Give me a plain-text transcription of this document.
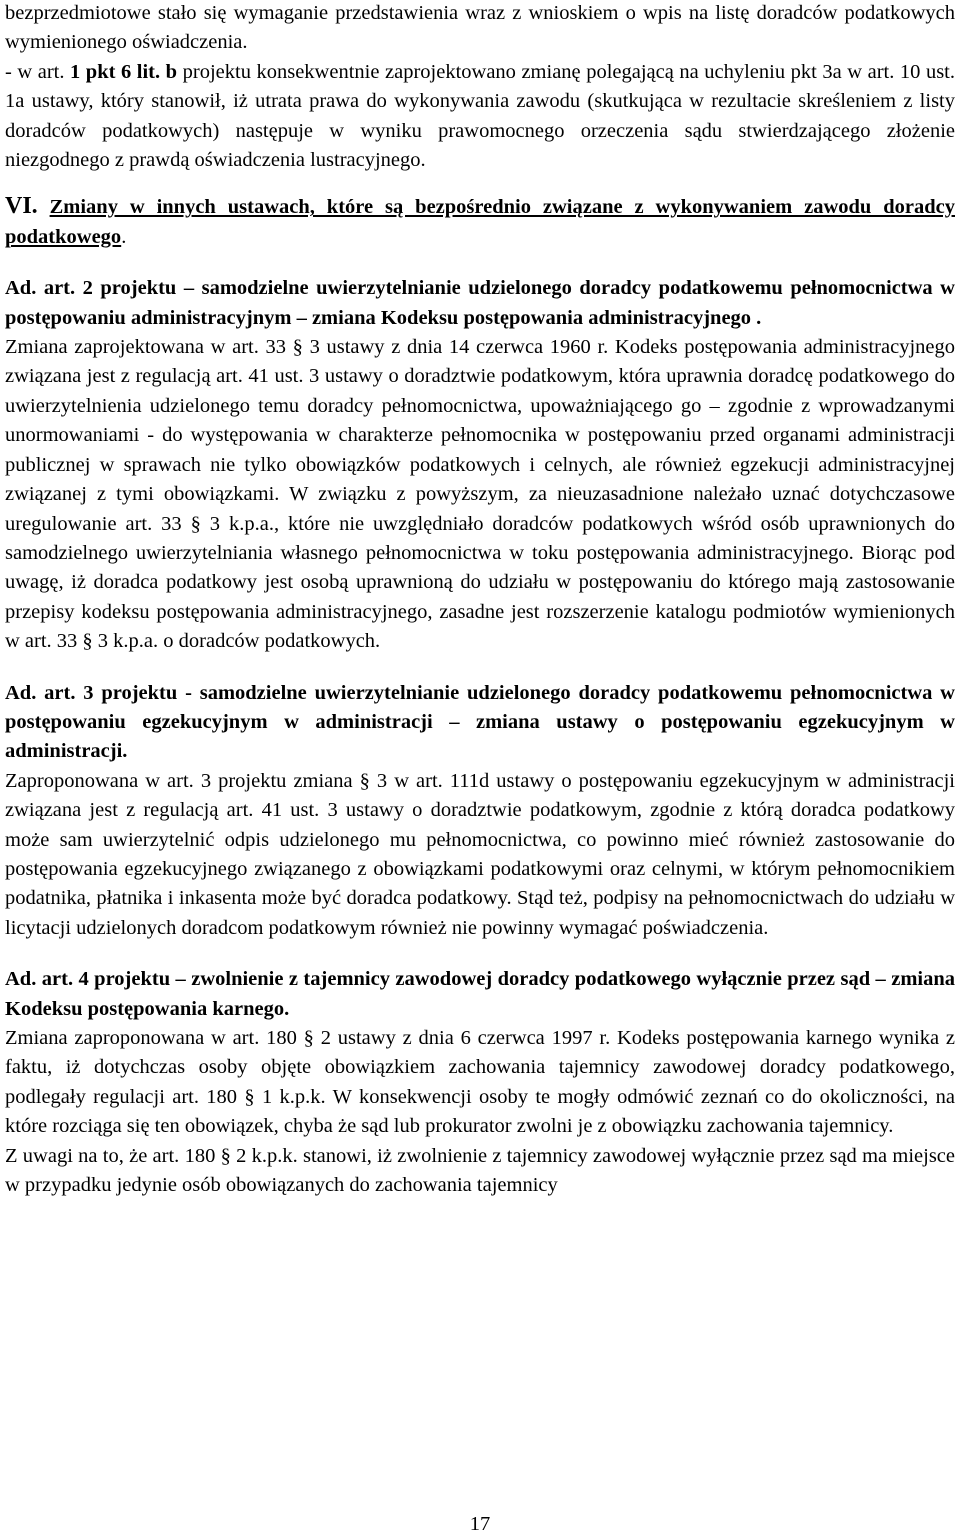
bezprzedmiotowe stało się wymaganie przedstawienia wraz z wnioskiem o wpis na listę doradców podatkowych wymienionego oświadczenia.

- w art. 1 pkt 6 lit. b projektu konsekwentnie zaprojektowano zmianę polegającą na uchyleniu pkt 3a w art. 10 ust. 1a ustawy, który stanowił, iż utrata prawa do wykonywania zawodu (skutkująca w rezultacie skreśleniem z listy doradców podatkowych) następuje w wyniku prawomocnego orzeczenia sądu stwierdzającego złożenie niezgodnego z prawdą oświadczenia lustracyjnego.

VI. Zmiany w innych ustawach, które są bezpośrednio związane z wykonywaniem zawodu doradcy podatkowego.

Ad. art. 2 projektu – samodzielne uwierzytelnianie udzielonego doradcy podatkowemu pełnomocnictwa w postępowaniu administracyjnym – zmiana Kodeksu postępowania administracyjnego .

Zmiana zaprojektowana w art. 33 § 3 ustawy z dnia 14 czerwca 1960 r. Kodeks postępowania administracyjnego związana jest z regulacją art. 41 ust. 3 ustawy o doradztwie podatkowym, która uprawnia doradcę podatkowego do uwierzytelnienia udzielonego temu doradcy pełnomocnictwa, upoważniającego go – zgodnie z wprowadzanymi unormowaniami - do występowania w charakterze pełnomocnika w postępowaniu przed organami administracji publicznej w sprawach nie tylko obowiązków podatkowych i celnych, ale również egzekucji administracyjnej związanej z tymi obowiązkami. W związku z powyższym, za nieuzasadnione należało uznać dotychczasowe uregulowanie art. 33 § 3 k.p.a., które nie uwzględniało doradców podatkowych wśród osób uprawnionych do samodzielnego uwierzytelniania własnego pełnomocnictwa w toku postępowania administracyjnego. Biorąc pod uwagę, iż doradca podatkowy jest osobą uprawnioną do udziału w postępowaniu do którego mają zastosowanie przepisy kodeksu postępowania administracyjnego, zasadne jest rozszerzenie katalogu podmiotów wymienionych w art. 33 § 3 k.p.a. o doradców podatkowych.

Ad. art. 3 projektu - samodzielne uwierzytelnianie udzielonego doradcy podatkowemu pełnomocnictwa w postępowaniu egzekucyjnym w administracji – zmiana ustawy o postępowaniu egzekucyjnym w administracji.

Zaproponowana w art. 3 projektu zmiana § 3 w art. 111d ustawy o postępowaniu egzekucyjnym w administracji związana jest z regulacją art. 41 ust. 3 ustawy o doradztwie podatkowym, zgodnie z którą doradca podatkowy może sam uwierzytelnić odpis udzielonego mu pełnomocnictwa, co powinno mieć również zastosowanie do postępowania egzekucyjnego związanego z obowiązkami podatkowymi oraz celnymi, w którym pełnomocnikiem podatnika, płatnika i inkasenta może być doradca podatkowy. Stąd też, podpisy na pełnomocnictwach do udziału w licytacji udzielonych doradcom podatkowym również nie powinny wymagać poświadczenia.

Ad. art. 4 projektu – zwolnienie z tajemnicy zawodowej doradcy podatkowego wyłącznie przez sąd – zmiana Kodeksu postępowania karnego.

Zmiana zaproponowana w art. 180 § 2 ustawy z dnia 6 czerwca 1997 r. Kodeks postępowania karnego wynika z faktu, iż dotychczas osoby objęte obowiązkiem zachowania tajemnicy zawodowej doradcy podatkowego, podlegały regulacji art. 180 § 1 k.p.k. W konsekwencji osoby te mogły odmówić zeznań co do okoliczności, na które rozciąga się ten obowiązek, chyba że sąd lub prokurator zwolni je z obowiązku zachowania tajemnicy.

Z uwagi na to, że art. 180 § 2 k.p.k. stanowi, iż zwolnienie z tajemnicy zawodowej wyłącznie przez sąd ma miejsce w przypadku jedynie osób obowiązanych do zachowania tajemnicy

17
